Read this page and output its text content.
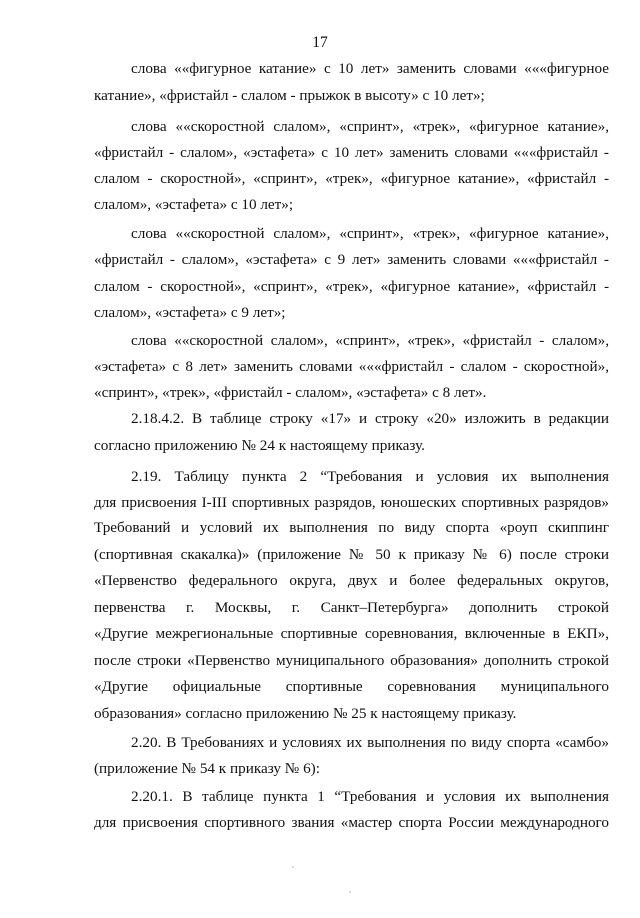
17
слова ««фигурное катание» с 10 лет» заменить словами «««фигурное
катание», «фристайл - слалом - прыжок в высоту» с 10 лет»;
слова ««скоростной слалом», «спринт», «трек», «фигурное катание»,
«фристайл - слалом», «эстафета» с 10 лет» заменить словами «««фристайл -
слалом - скоростной», «спринт», «трек», «фигурное катание», «фристайл -
слалом», «эстафета» с 10 лет»;
слова ««скоростной слалом», «спринт», «трек», «фигурное катание»,
«фристайл - слалом», «эстафета» с 9 лет» заменить словами «««фристайл -
слалом - скоростной», «спринт», «трек», «фигурное катание», «фристайл -
слалом», «эстафета» с 9 лет»;
слова ««скоростной слалом», «спринт», «трек», «фристайл - слалом»,
«эстафета» с 8 лет» заменить словами «««фристайл - слалом - скоростной»,
«спринт», «трек», «фристайл - слалом», «эстафета» с 8 лет».
2.18.4.2. В таблице строку «17» и строку «20» изложить в редакции
согласно приложению № 24 к настоящему приказу.
2.19. Таблицу пункта 2 “Требования и условия их выполнения
для присвоения I-III спортивных разрядов, юношеских спортивных разрядов»
Требований и условий их выполнения по виду спорта «роуп скиппинг
(спортивная скакалка)» (приложение № 50 к приказу № 6) после строки
«Первенство федерального округа, двух и более федеральных округов,
первенства г. Москвы, г. Санкт–Петербурга» дополнить строкой
«Другие межрегиональные спортивные соревнования, включенные в ЕКП»,
после строки «Первенство муниципального образования» дополнить строкой
«Другие официальные спортивные соревнования муниципального
образования» согласно приложению № 25 к настоящему приказу.
2.20. В Требованиях и условиях их выполнения по виду спорта «самбо»
(приложение № 54 к приказу № 6):
2.20.1. В таблице пункта 1 “Требования и условия их выполнения
для присвоения спортивного звания «мастер спорта России международного
